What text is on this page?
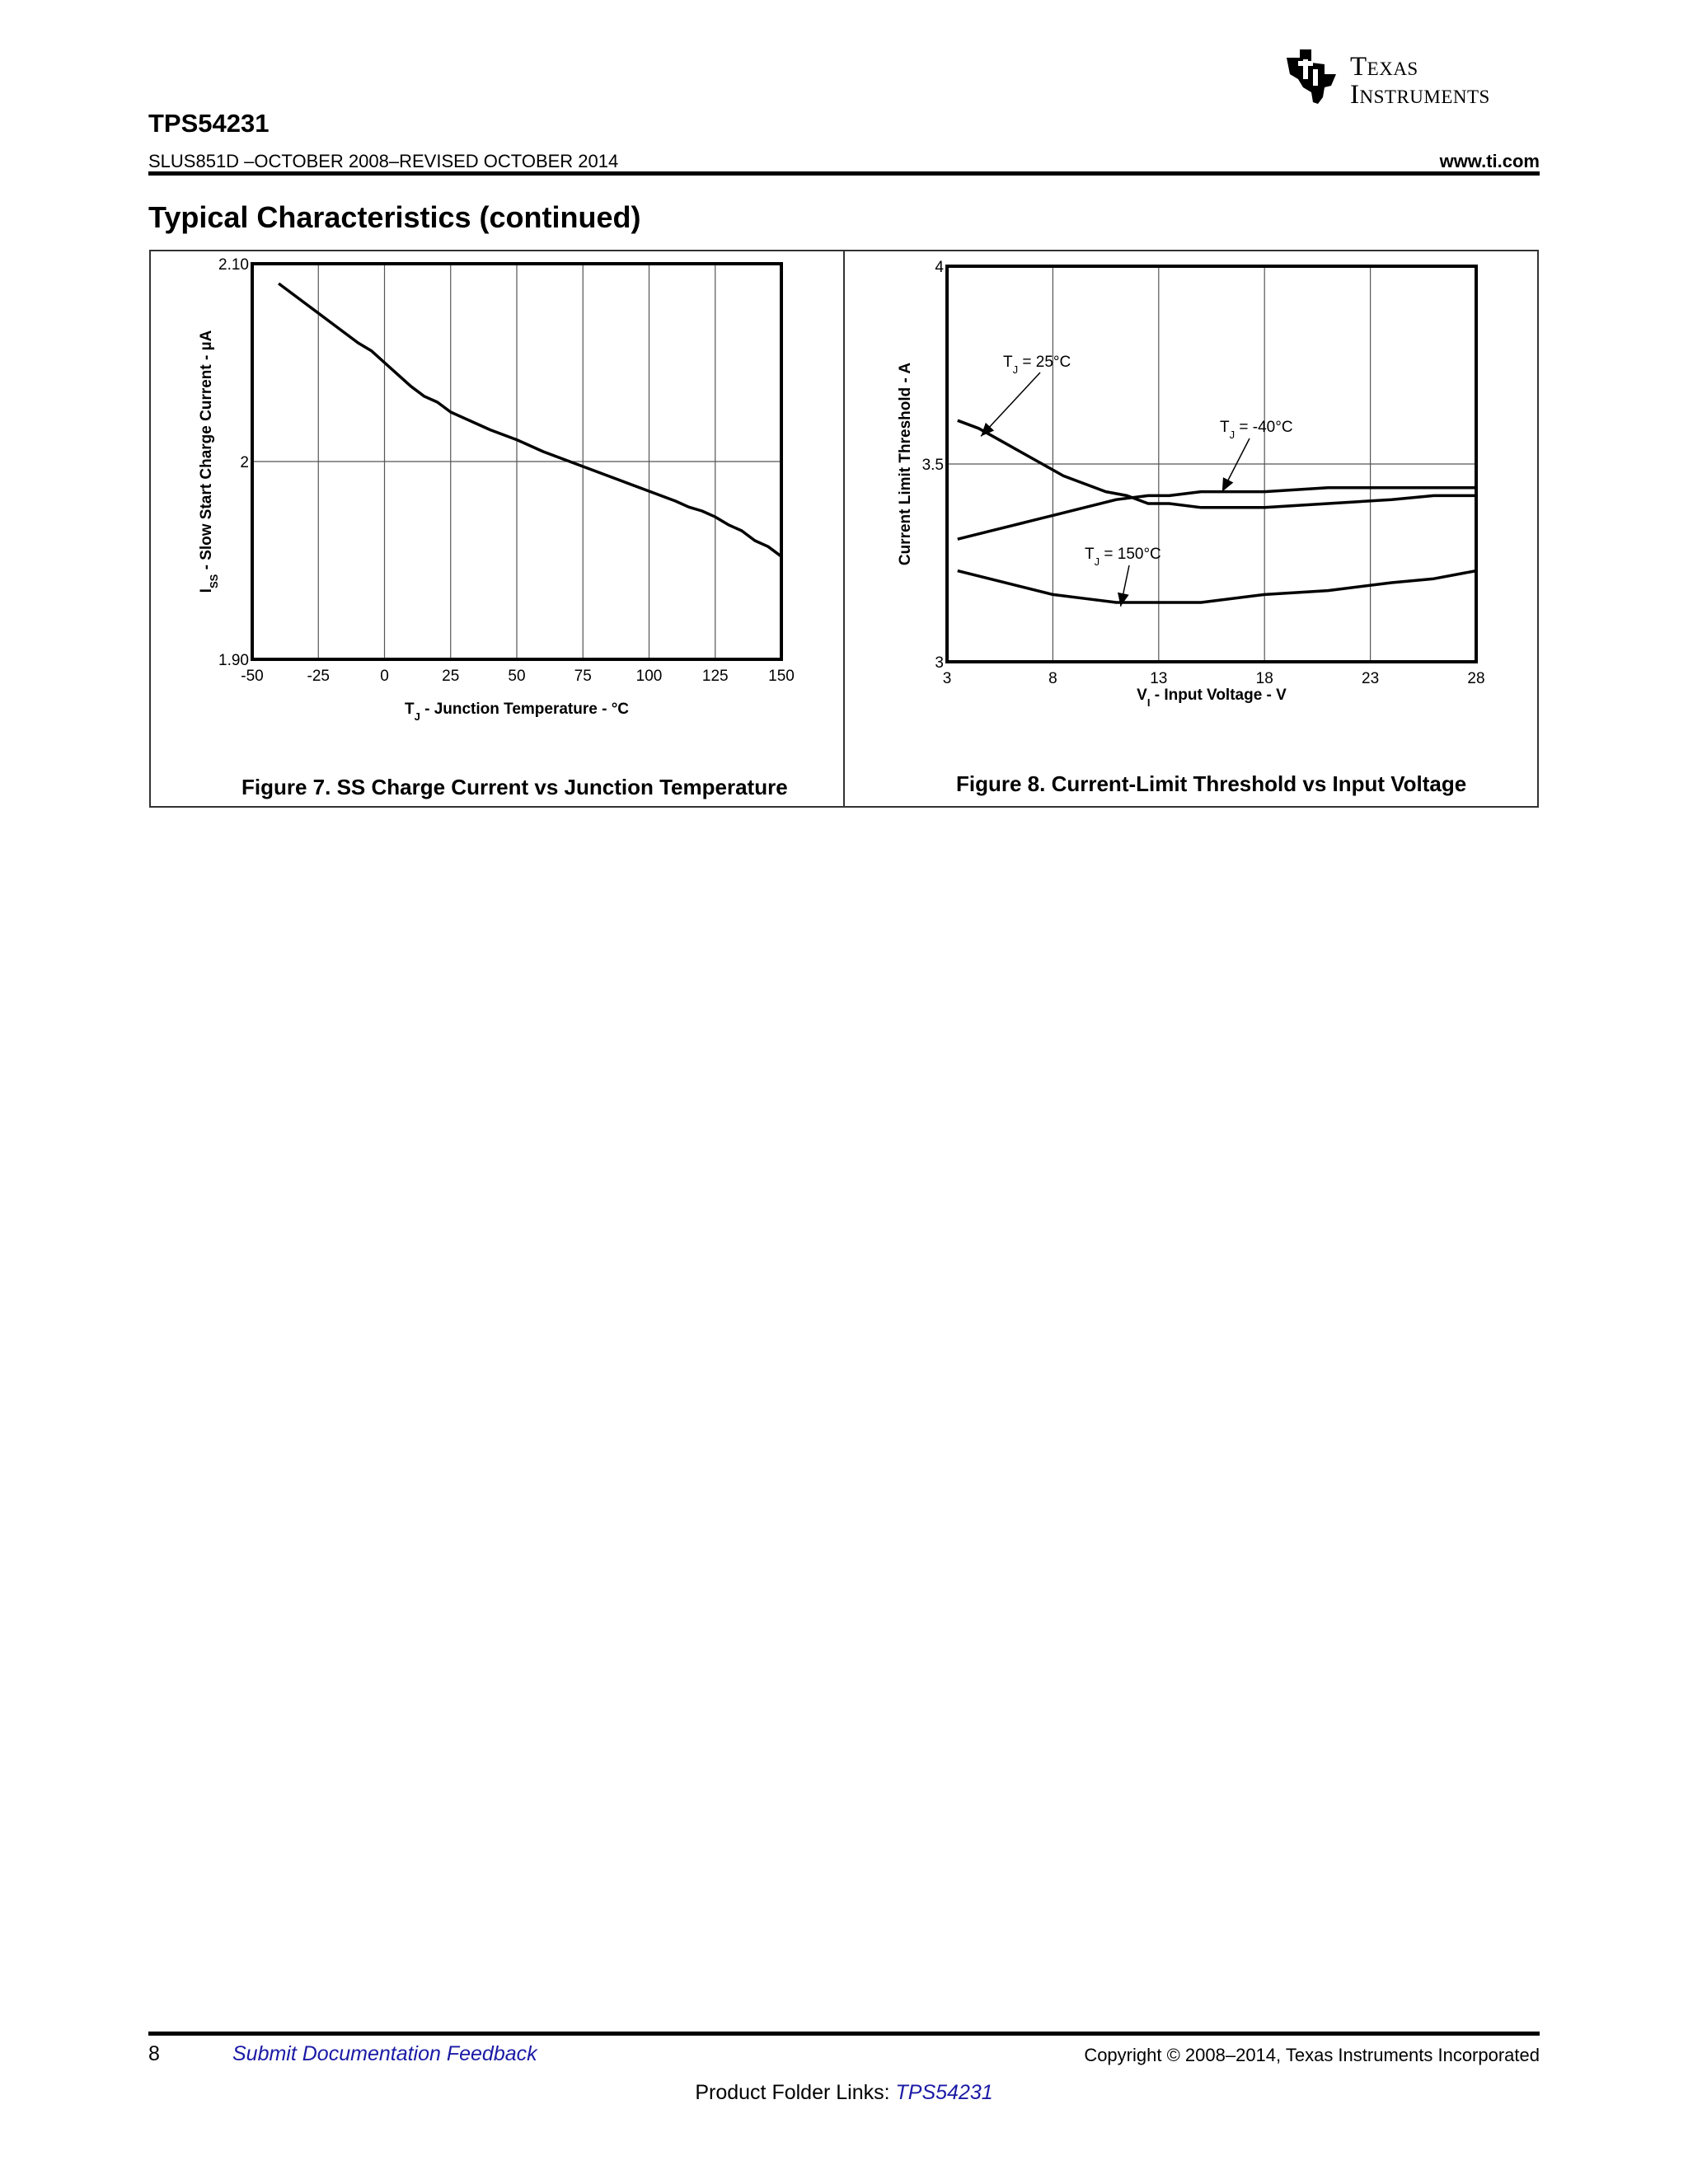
Texas
Instruments
TPS54231
SLUS851D –OCTOBER 2008–REVISED OCTOBER 2014	www.ti.com
Typical Characteristics (continued)
-50	-25	0	25	50	75	100	125	150
1.90
2
2.10
$T_J$ - Junction Temperature - °C
$I_{SS}$ - Slow Start Charge Current - µA
3	8	13	18	23	28
3
3.5
4
$V_I$ - Input Voltage - V
Current Limit Threshold - A
$T_J = 25^\circ C$
$T_J = -40^\circ C$
$T_J = 150^\circ C$
Figure 7. SS Charge Current vs Junction Temperature	Figure 8. Current-Limit Threshold vs Input Voltage
8	Submit Documentation Feedback	Copyright © 2008–2014, Texas Instruments Incorporated
Product Folder Links: TPS54231
